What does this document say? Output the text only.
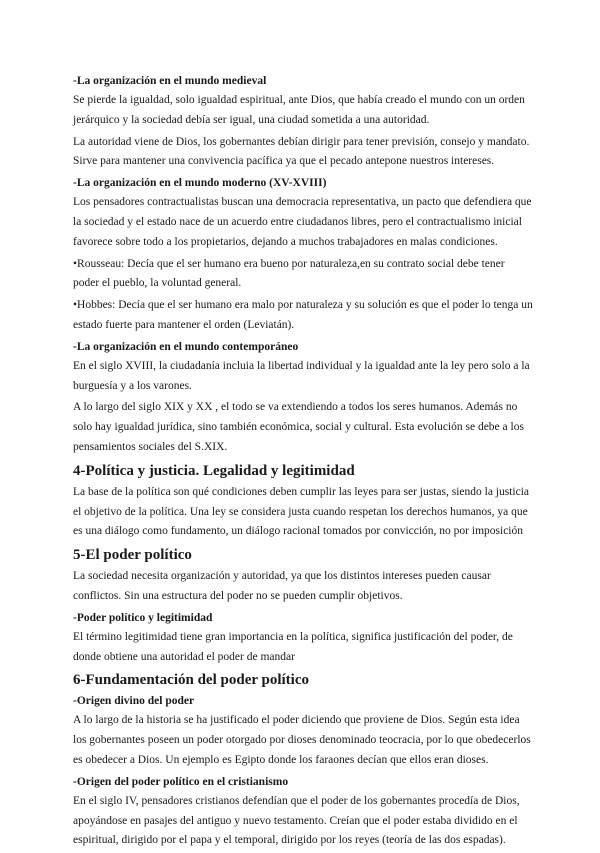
-La organización en el mundo medieval

Se pierde la igualdad, solo igualdad espiritual, ante Dios, que había creado el mundo con un orden jerárquico y la sociedad debía ser igual, una ciudad sometida a una autoridad.

La autoridad viene de Dios, los gobernantes debían dirigir para tener previsión, consejo y mandato. Sirve para mantener una convivencia pacífica ya que el pecado antepone nuestros intereses.

-La organización en el mundo moderno (XV-XVIII)

Los pensadores contractualistas buscan una democracia representativa, un pacto que defendiera que la sociedad y el estado nace de un acuerdo entre ciudadanos libres, pero el contractualismo inicial favorece sobre todo a los propietarios, dejando a muchos trabajadores en malas condiciones.

•Rousseau: Decía que el ser humano era bueno por naturaleza,en su contrato social debe tener poder el pueblo, la voluntad general.

•Hobbes: Decía que el ser humano era malo por naturaleza y su solución es que el poder lo tenga un estado fuerte para mantener el orden (Leviatán).

-La organización en el mundo contemporáneo

En el siglo XVIII, la ciudadanía incluia la libertad individual y la igualdad ante la ley pero solo a la burguesía y a los varones.

A lo largo del siglo XIX y XX , el todo se va extendiendo a todos los seres humanos. Además no solo hay igualdad jurídica, sino también económica, social y cultural. Esta evolución se debe a los pensamientos sociales del S.XIX.

4-Política y justicia. Legalidad y legitimidad

La base de la política son qué condiciones deben cumplir las leyes para ser justas, siendo la justicia el objetivo de la política. Una ley se considera justa cuando respetan los derechos humanos, ya que es una diálogo como fundamento, un diálogo racional tomados por convicción, no por imposición

5-El poder político

La sociedad necesita organización y autoridad, ya que los distintos intereses pueden causar conflictos. Sin una estructura del poder no se pueden cumplir objetivos.

-Poder político y legitimidad

El término legitimidad tiene gran importancia en la política, significa justificación del poder, de donde obtiene una autoridad el poder de mandar

6-Fundamentación del poder político
-Origen divino del poder

A lo largo de la historia se ha justificado el poder diciendo que proviene de Dios. Según esta idea los gobernantes poseen un poder otorgado por dioses denominado teocracia, por lo que obedecerlos es obedecer a Dios. Un ejemplo es Egipto donde los faraones decían que ellos eran dioses.

-Origen del poder político en el cristianismo

En el siglo IV, pensadores cristianos defendían que el poder de los gobernantes procedía de Dios, apoyándose en pasajes del antiguo y nuevo testamento. Creían que el poder estaba dividido en el espiritual, dirigido por el papa y el temporal, dirigido por los reyes (teoría de las dos espadas).
